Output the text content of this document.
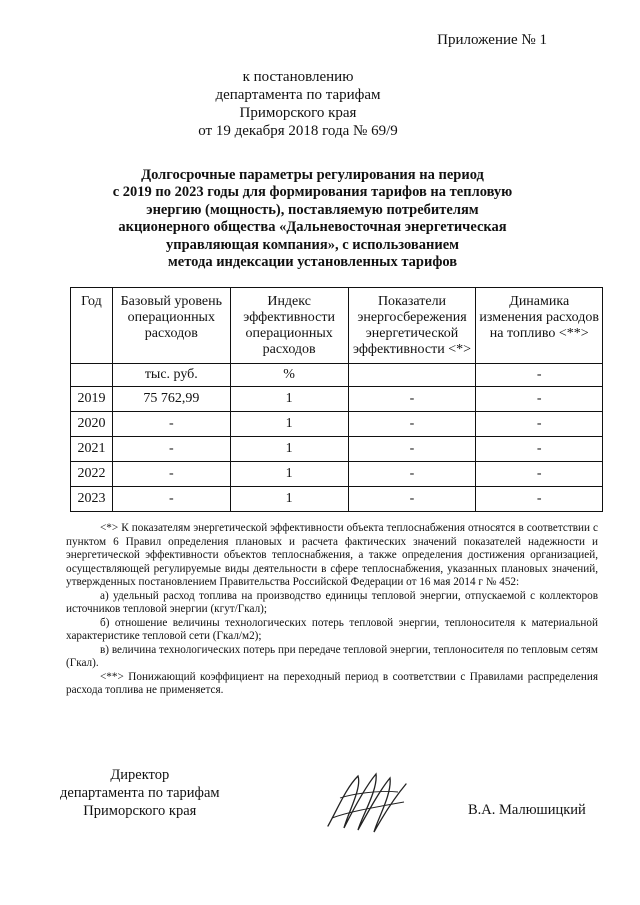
Приложение № 1
к постановлению
департамента по тарифам
Приморского края
от 19 декабря 2018 года № 69/9
Долгосрочные параметры регулирования на период
с 2019 по 2023 годы для формирования тарифов на тепловую
энергию (мощность), поставляемую потребителям
акционерного общества «Дальневосточная энергетическая
управляющая компания», с использованием
метода индексации установленных тарифов
Год	Базовый уровень операционных расходов	Индекс эффективности операционных расходов	Показатели энергосбережения энергетической эффективности <*>	Динамика изменения расходов на топливо <**>
	тыс. руб.	%		-
2019	75 762,99	1	-	-
2020	-	1	-	-
2021	-	1	-	-
2022	-	1	-	-
2023	-	1	-	-

<*> К показателям энергетической эффективности объекта теплоснабжения относятся в соответствии с пунктом 6 Правил определения плановых и расчета фактических значений показателей надежности и энергетической эффективности объектов теплоснабжения, а также определения достижения организацией, осуществляющей регулируемые виды деятельности в сфере теплоснабжения, указанных плановых значений, утвержденных постановлением Правительства Российской Федерации от 16 мая 2014 г № 452:

а) удельный расход топлива на производство единицы тепловой энергии, отпускаемой с коллекторов источников тепловой энергии (кгут/Гкал);

б) отношение величины технологических потерь тепловой энергии, теплоносителя к материальной характеристике тепловой сети (Гкал/м2);

в) величина технологических потерь при передаче тепловой энергии, теплоносителя по тепловым сетям (Гкал).

<**> Понижающий коэффициент на переходный период в соответствии с Правилами распределения расхода топлива не применяется.

Директор
департамента по тарифам
Приморского края	В.А. Малюшицкий
